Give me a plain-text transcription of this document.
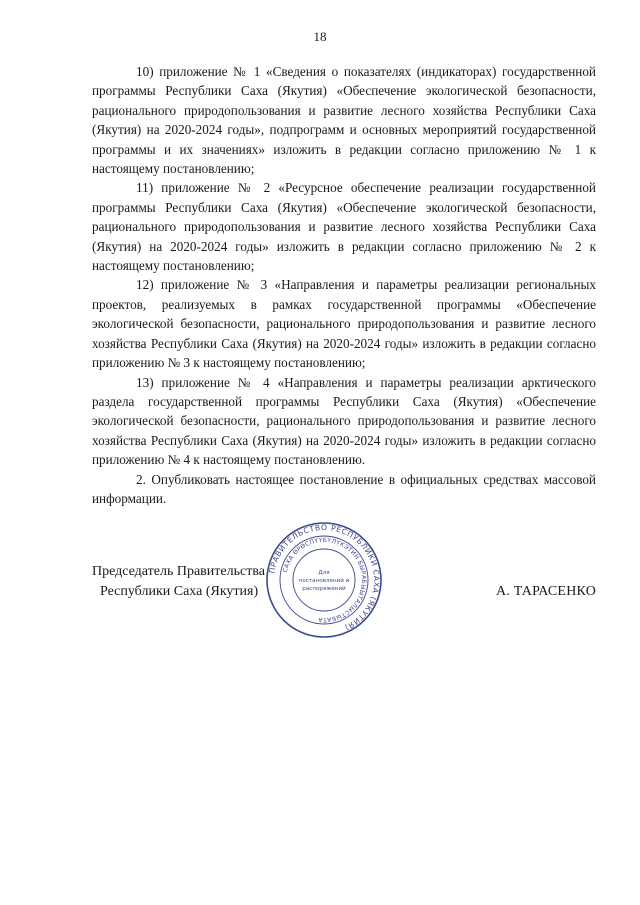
18

10) приложение № 1 «Сведения о показателях (индикаторах) государственной программы Республики Саха (Якутия) «Обеспечение экологической безопасности, рационального природопользования и развитие лесного хозяйства Республики Саха (Якутия) на 2020-2024 годы», подпрограмм и основных мероприятий государственной программы и их значениях» изложить в редакции согласно приложению № 1 к настоящему постановлению;

11) приложение № 2 «Ресурсное обеспечение реализации государственной программы Республики Саха (Якутия) «Обеспечение экологической безопасности, рационального природопользования и развитие лесного хозяйства Республики Саха (Якутия) на 2020-2024 годы» изложить в редакции согласно приложению № 2 к настоящему постановлению;

12) приложение № 3 «Направления и параметры реализации региональных проектов, реализуемых в рамках государственной программы «Обеспечение экологической безопасности, рационального природопользования и развитие лесного хозяйства Республики Саха (Якутия) на 2020-2024 годы» изложить в редакции согласно приложению № 3 к настоящему постановлению;

13) приложение № 4 «Направления и параметры реализации арктического раздела государственной программы Республики Саха (Якутия) «Обеспечение экологической безопасности, рационального природопользования и развитие лесного хозяйства Республики Саха (Якутия) на 2020-2024 годы» изложить в редакции согласно приложению № 4 к настоящему постановлению.

2. Опубликовать настоящее постановление в официальных средствах массовой информации.

Председатель Правительства
Республики Саха (Якутия)	А. ТАРАСЕНКО
ПРАВИТЕЛЬСТВО РЕСПУБЛИКИ САХА (ЯКУТИЯ)
САХА ӨРӨСПҮҮБҮЛҮКЭТИН БЫРАБЫЫТАЛЫСТЫБАТА
Для
постановлений и
распоряжений
